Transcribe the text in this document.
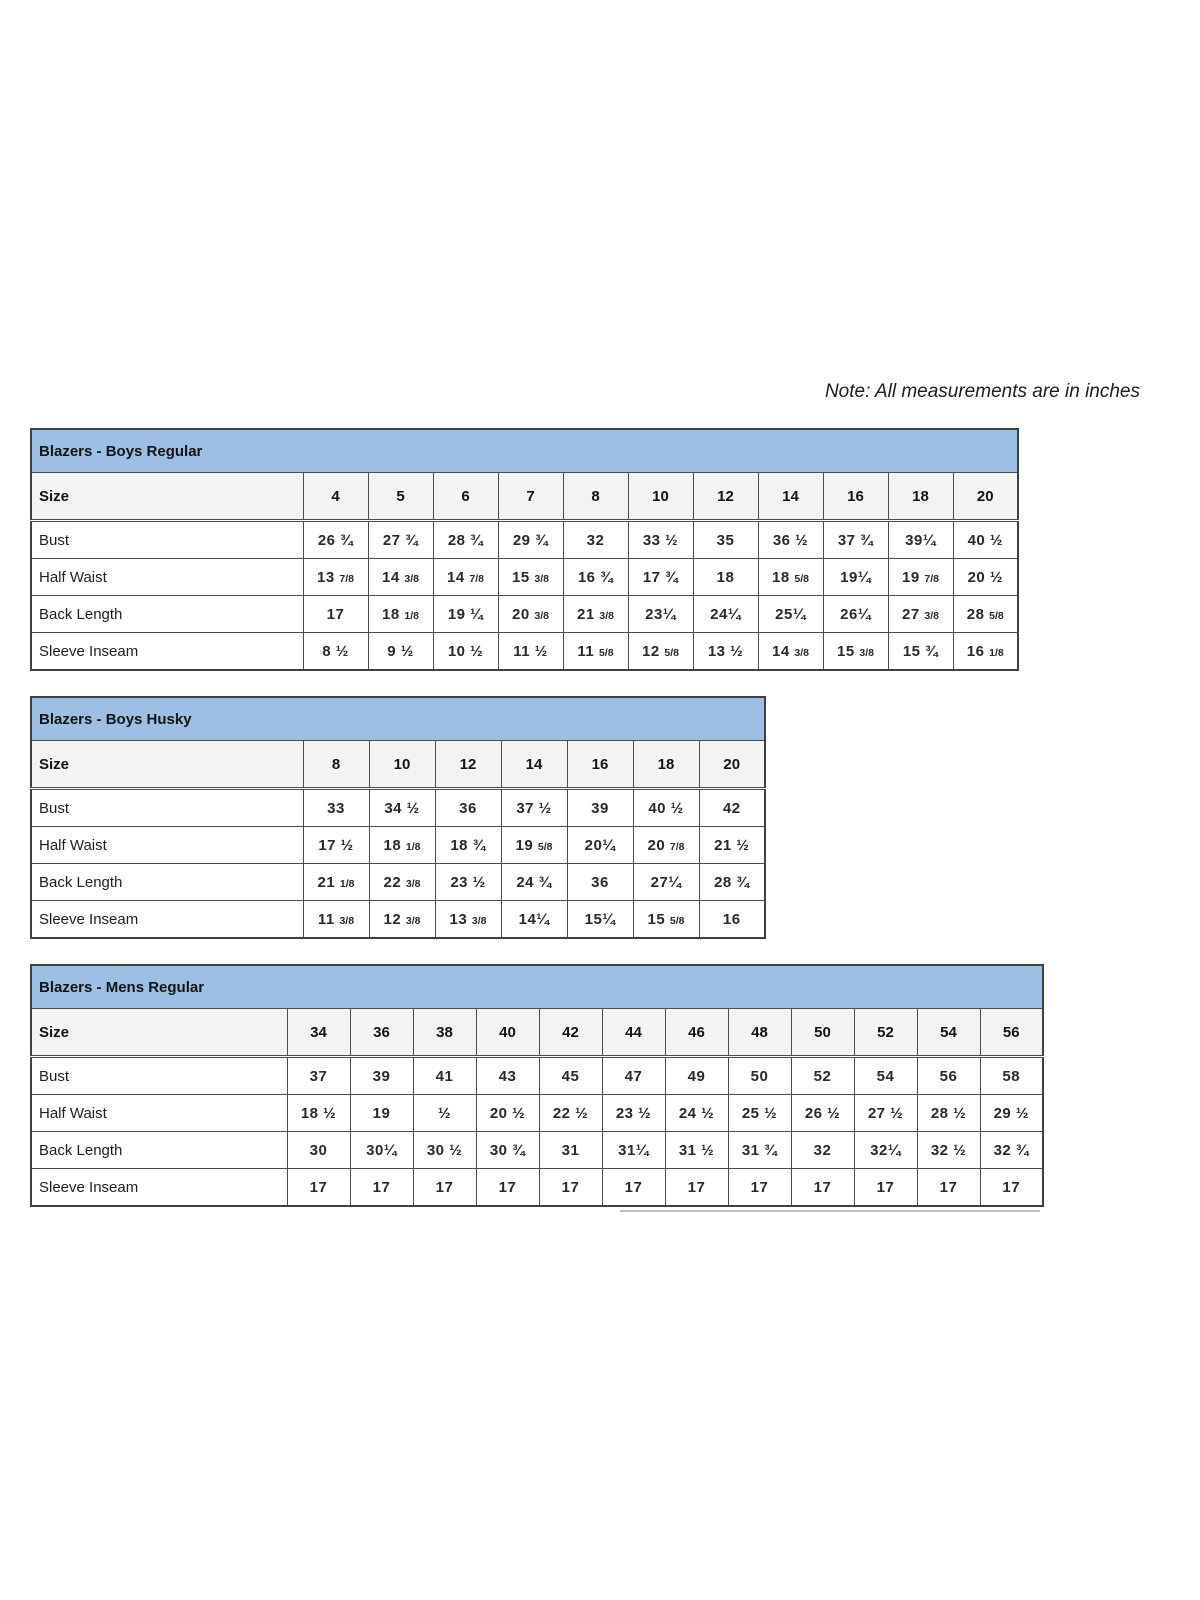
Note: All measurements are in inches
Blazers - Boys Regular											
Size	4	5	6	7	8	10	12	14	16	18	20
Bust	26 ¾	27 ¾	28 ¾	29 ¾	32	33 ½	35	36 ½	37 ¾	39¼	40 ½
Half Waist	13 7/8	14 3/8	14 7/8	15 3/8	16 ¾	17 ¾	18	18 5/8	19¼	19 7/8	20 ½
Back Length	17	18 1/8	19 ¼	20 3/8	21 3/8	23¼	24¼	25¼	26¼	27 3/8	28 5/8
Sleeve Inseam	8 ½	9 ½	10 ½	11 ½	11 5/8	12 5/8	13 ½	14 3/8	15 3/8	15 ¾	16 1/8
Blazers - Boys Husky							
Size	8	10	12	14	16	18	20
Bust	33	34 ½	36	37 ½	39	40 ½	42
Half Waist	17 ½	18 1/8	18 ¾	19 5/8	20¼	20 7/8	21 ½
Back Length	21 1/8	22 3/8	23 ½	24 ¾	36	27¼	28 ¾
Sleeve Inseam	11 3/8	12 3/8	13 3/8	14¼	15¼	15 5/8	16
Blazers - Mens Regular												
Size	34	36	38	40	42	44	46	48	50	52	54	56
Bust	37	39	41	43	45	47	49	50	52	54	56	58
Half Waist	18 ½	19	½	20 ½	22 ½	23 ½	24 ½	25 ½	26 ½	27 ½	28 ½	29 ½
Back Length	30	30¼	30 ½	30 ¾	31	31¼	31 ½	31 ¾	32	32¼	32 ½	32 ¾
Sleeve Inseam	17	17	17	17	17	17	17	17	17	17	17	17
